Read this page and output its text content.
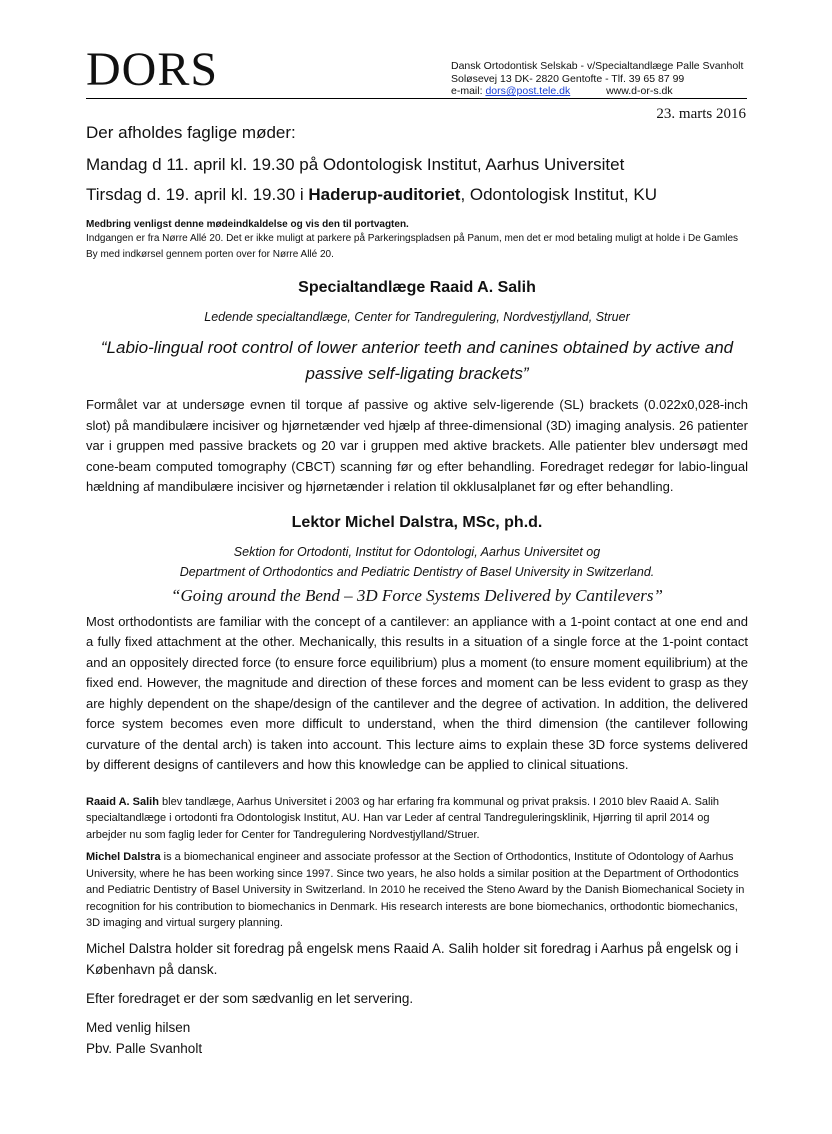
DORS	Dansk Ortodontisk Selskab - v/Specialtandlæge Palle Svanholt
Soløsevej 13 DK- 2820 Gentofte - Tlf. 39 65 87 99
e-mail: dors@post.tele.dk	www.d-or-s.dk
23. marts 2016

Der afholdes faglige møder:

Mandag d 11. april kl. 19.30 på Odontologisk Institut, Aarhus Universitet

Tirsdag d. 19. april kl. 19.30 i Haderup-auditoriet, Odontologisk Institut, KU

Medbring venligst denne mødeindkaldelse og vis den til portvagten.
Indgangen er fra Nørre Allé 20. Det er ikke muligt at parkere på Parkeringspladsen på Panum, men det er mod betaling muligt at holde i De Gamles By med indkørsel gennem porten over for Nørre Allé 20.
Specialtandlæge Raaid A. Salih
Ledende specialtandlæge, Center for Tandregulering, Nordvestjylland, Struer
“Labio-lingual root control of lower anterior teeth and canines obtained by active and passive self-ligating brackets”

Formålet var at undersøge evnen til torque af passive og aktive selv-ligerende (SL) brackets (0.022x0,028-inch slot) på mandibulære incisiver og hjørnetænder ved hjælp af three-dimensional (3D) imaging analysis. 26 patienter var i gruppen med passive brackets og 20 var i gruppen med aktive brackets. Alle patienter blev undersøgt med cone-beam computed tomography (CBCT) scanning før og efter behandling. Foredraget redegør for labio-lingual hældning af mandibulære incisiver og hjørnetænder i relation til okklusalplanet før og efter behandling.

Lektor Michel Dalstra, MSc, ph.d.
Sektion for Ortodonti, Institut for Odontologi, Aarhus Universitet og
Department of Orthodontics and Pediatric Dentistry of Basel University in Switzerland.
“Going around the Bend – 3D Force Systems Delivered by Cantilevers”

Most orthodontists are familiar with the concept of a cantilever: an appliance with a 1-point contact at one end and a fully fixed attachment at the other. Mechanically, this results in a situation of a single force at the 1-point contact and an oppositely directed force (to ensure force equilibrium) plus a moment (to ensure moment equilibrium) at the fixed end. However, the magnitude and direction of these forces and moment can be less evident to grasp as they are highly dependent on the shape/design of the cantilever and the degree of activation. In addition, the delivered force system becomes even more difficult to understand, when the third dimension (the cantilever following curvature of the dental arch) is taken into account. This lecture aims to explain these 3D force systems delivered by different designs of cantilevers and how this knowledge can be applied to clinical situations.

Raaid A. Salih blev tandlæge, Aarhus Universitet i 2003 og har erfaring fra kommunal og privat praksis. I 2010 blev Raaid A. Salih specialtandlæge i ortodonti fra Odontologisk Institut, AU. Han var Leder af central Tandreguleringsklinik, Hjørring til april 2014 og arbejder nu som faglig leder for Center for Tandregulering Nordvestjylland/Struer.

Michel Dalstra is a biomechanical engineer and associate professor at the Section of Orthodontics, Institute of Odontology of Aarhus University, where he has been working since 1997. Since two years, he also holds a similar position at the Department of Orthodontics and Pediatric Dentistry of Basel University in Switzerland. In 2010 he received the Steno Award by the Danish Biomechanical Society in recognition for his contribution to biomechanics in Denmark. His research interests are bone biomechanics, orthodontic biomechanics, 3D imaging and virtual surgery planning.

Michel Dalstra holder sit foredrag på engelsk mens Raaid A. Salih holder sit foredrag i Aarhus på engelsk og i København på dansk.

Efter foredraget er der som sædvanlig en let servering.

Med venlig hilsen

Pbv. Palle Svanholt
